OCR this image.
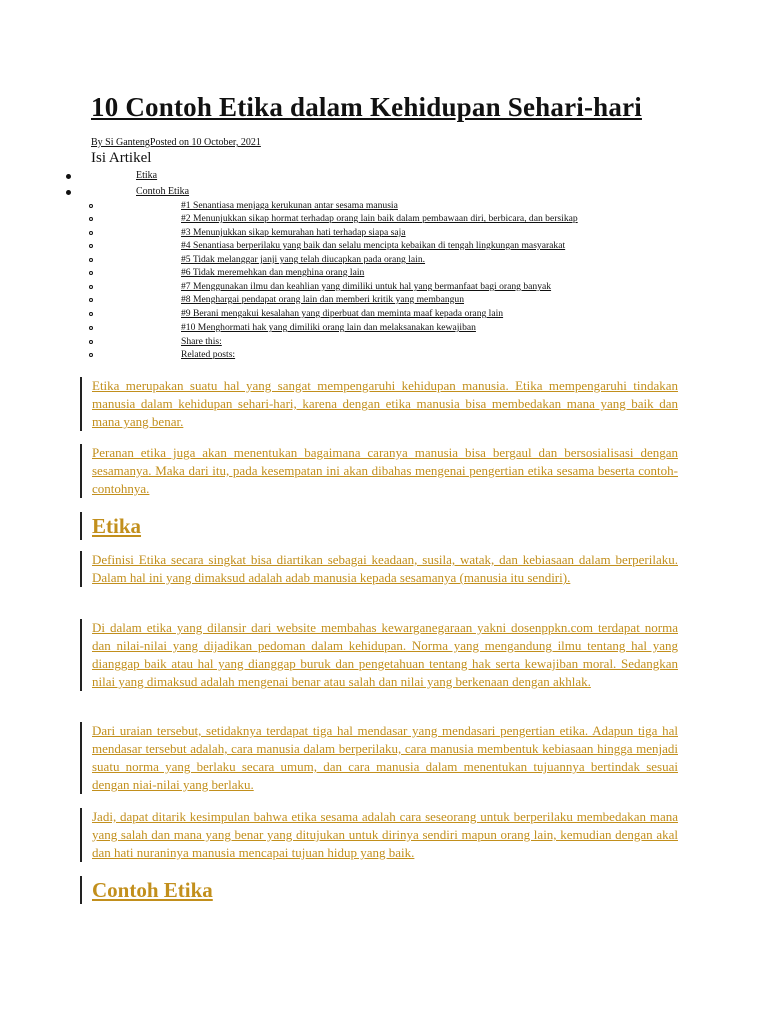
10 Contoh Etika dalam Kehidupan Sehari-hari
By Si GantengPosted on 10 October, 2021
Isi Artikel
Etika
Contoh Etika
#1 Senantiasa menjaga kerukunan antar sesama manusia
#2 Menunjukkan sikap hormat terhadap orang lain baik dalam pembawaan diri, berbicara, dan bersikap
#3 Menunjukkan sikap kemurahan hati terhadap siapa saja
#4 Senantiasa berperilaku yang baik dan selalu mencipta kebaikan di tengah lingkungan masyarakat
#5 Tidak melanggar janji yang telah diucapkan pada orang lain.
#6 Tidak meremehkan dan menghina orang lain
#7 Menggunakan ilmu dan keahlian yang dimiliki untuk hal yang bermanfaat bagi orang banyak
#8 Menghargai pendapat orang lain dan memberi kritik yang membangun
#9 Berani mengakui kesalahan yang diperbuat dan meminta maaf kepada orang lain
#10 Menghormati hak yang dimiliki orang lain dan melaksanakan kewajiban
Share this:
Related posts:
Etika merupakan suatu hal yang sangat mempengaruhi kehidupan manusia. Etika mempengaruhi tindakan manusia dalam kehidupan sehari-hari, karena dengan etika manusia bisa membedakan mana yang baik dan mana yang benar.
Peranan etika juga akan menentukan bagaimana caranya manusia bisa bergaul dan bersosialisasi dengan sesamanya. Maka dari itu, pada kesempatan ini akan dibahas mengenai pengertian etika sesama beserta contoh-contohnya.
Etika
Definisi Etika secara singkat bisa diartikan sebagai keadaan, susila, watak, dan kebiasaan dalam berperilaku. Dalam hal ini yang dimaksud adalah adab manusia kepada sesamanya (manusia itu sendiri).
Di dalam etika yang dilansir dari website membahas kewarganegaraan yakni dosenppkn.com terdapat norma dan nilai-nilai yang dijadikan pedoman dalam kehidupan. Norma yang mengandung ilmu tentang hal yang dianggap baik atau hal yang dianggap buruk dan pengetahuan tentang hak serta kewajiban moral. Sedangkan nilai yang dimaksud adalah mengenai benar atau salah dan nilai yang berkenaan dengan akhlak.
Dari uraian tersebut, setidaknya terdapat tiga hal mendasar yang mendasari pengertian etika. Adapun tiga hal mendasar tersebut adalah, cara manusia dalam berperilaku, cara manusia membentuk kebiasaan hingga menjadi suatu norma yang berlaku secara umum, dan cara manusia dalam menentukan tujuannya bertindak sesuai dengan niai-nilai yang berlaku.
Jadi, dapat ditarik kesimpulan bahwa etika sesama adalah cara seseorang untuk berperilaku membedakan mana yang salah dan mana yang benar yang ditujukan untuk dirinya sendiri mapun orang lain, kemudian dengan akal dan hati nuraninya manusia mencapai tujuan hidup yang baik.
Contoh Etika
